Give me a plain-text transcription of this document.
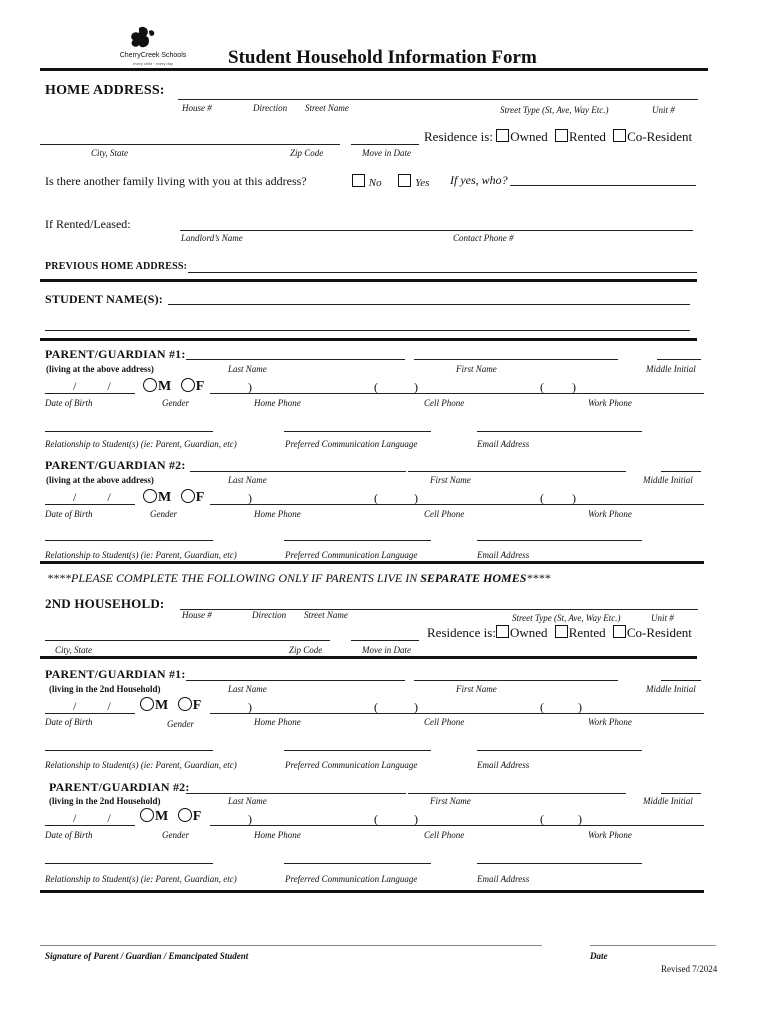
CherryCreek Schools
every child · every day	Student Household Information Form
HOME ADDRESS:
House #	Direction Street Name	Street Type (St, Ave, Way Etc.)	Unit #
City, State	Zip Code	Move in Date
Residence is: Owned Rented Co-Resident
Is there another family living with you at this address?	No	Yes If yes, who?
If Rented/Leased:
Landlord’s Name	Contact Phone #
PREVIOUS HOME ADDRESS:
STUDENT NAME(S):
PARENT/GUARDIAN #1:
(living at the above address)	Last Name	First Name	Middle Initial
/ /	M F	)	(	)	( )
Date of Birth	Gender	Home Phone	Cell Phone	Work Phone
Relationship to Student(s) (ie: Parent, Guardian, etc)	Preferred Communication Language	Email Address
PARENT/GUARDIAN #2:
(living at the above address)	Last Name	First Name	Middle Initial
/ /	M F	)	(	)	( )
Date of Birth	Gender	Home Phone	Cell Phone	Work Phone
Relationship to Student(s) (ie: Parent, Guardian, etc)	Preferred Communication Language	Email Address
****PLEASE COMPLETE THE FOLLOWING ONLY IF PARENTS LIVE IN SEPARATE HOMES****
2ND HOUSEHOLD:
House #	Direction Street Name	Street Type (St, Ave, Way Etc.)	Unit #
Residence is: Owned Rented Co-Resident
City, State	Zip Code	Move in Date
PARENT/GUARDIAN #1:
(living in the 2nd Household)	Last Name	First Name	Middle Initial
/ /	M F	)	(	)	(	)
Date of Birth	Gender	Home Phone	Cell Phone	Work Phone
Relationship to Student(s) (ie: Parent, Guardian, etc)	Preferred Communication Language	Email Address
PARENT/GUARDIAN #2:
(living in the 2nd Household)	Last Name	First Name	Middle Initial
/ /	M F	)	(	)	(	)
Date of Birth	Gender	Home Phone	Cell Phone	Work Phone
Relationship to Student(s) (ie: Parent, Guardian, etc)	Preferred Communication Language	Email Address
Signature of Parent / Guardian / Emancipated Student	Date
Revised 7/2024
